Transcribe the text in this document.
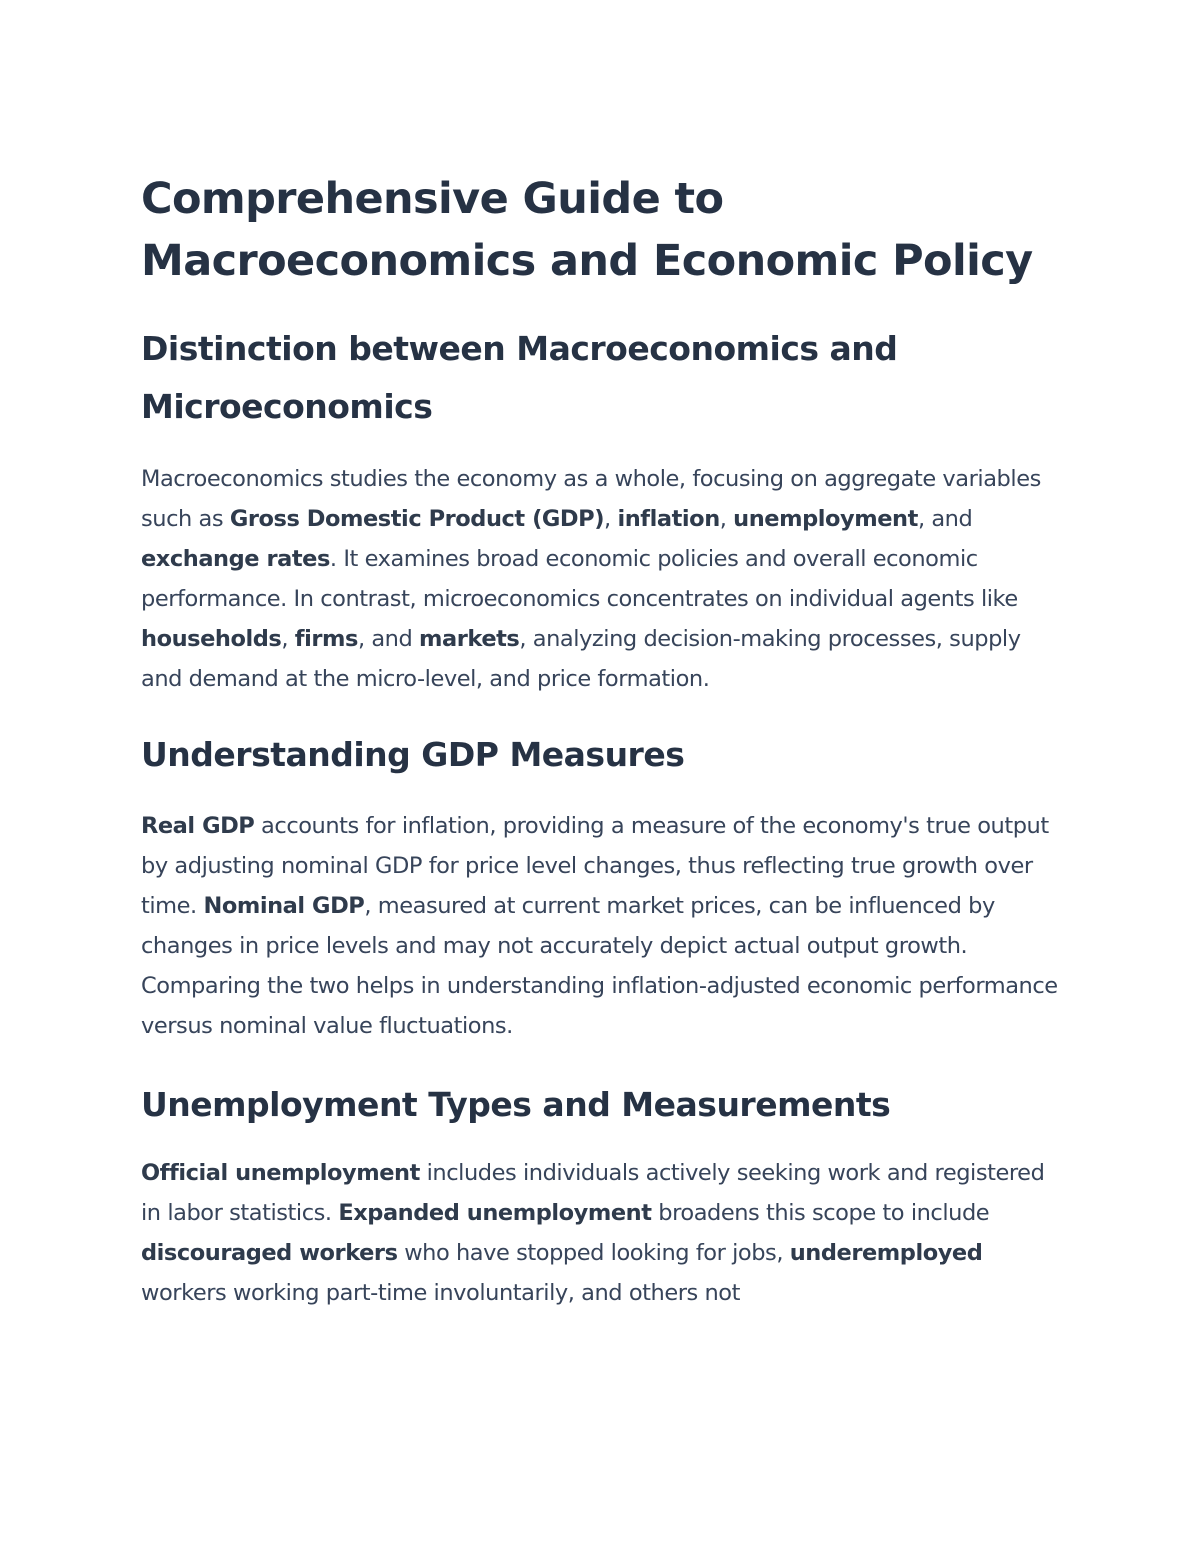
Comprehensive Guide to Macroeconomics and Economic Policy
Distinction between Macroeconomics and Microeconomics

Macroeconomics studies the economy as a whole, focusing on aggregate variables such as Gross Domestic Product (GDP), inflation, unemployment, and exchange rates. It examines broad economic policies and overall economic performance. In contrast, microeconomics concentrates on individual agents like households, firms, and markets, analyzing decision-making processes, supply and demand at the micro-level, and price formation.

Understanding GDP Measures

Real GDP accounts for inflation, providing a measure of the economy's true output by adjusting nominal GDP for price level changes, thus reflecting true growth over time. Nominal GDP, measured at current market prices, can be influenced by changes in price levels and may not accurately depict actual output growth. Comparing the two helps in understanding inflation-adjusted economic performance versus nominal value fluctuations.

Unemployment Types and Measurements

Official unemployment includes individuals actively seeking work and registered in labor statistics. Expanded unemployment broadens this scope to include discouraged workers who have stopped looking for jobs, underemployed workers working part-time involuntarily, and others not
